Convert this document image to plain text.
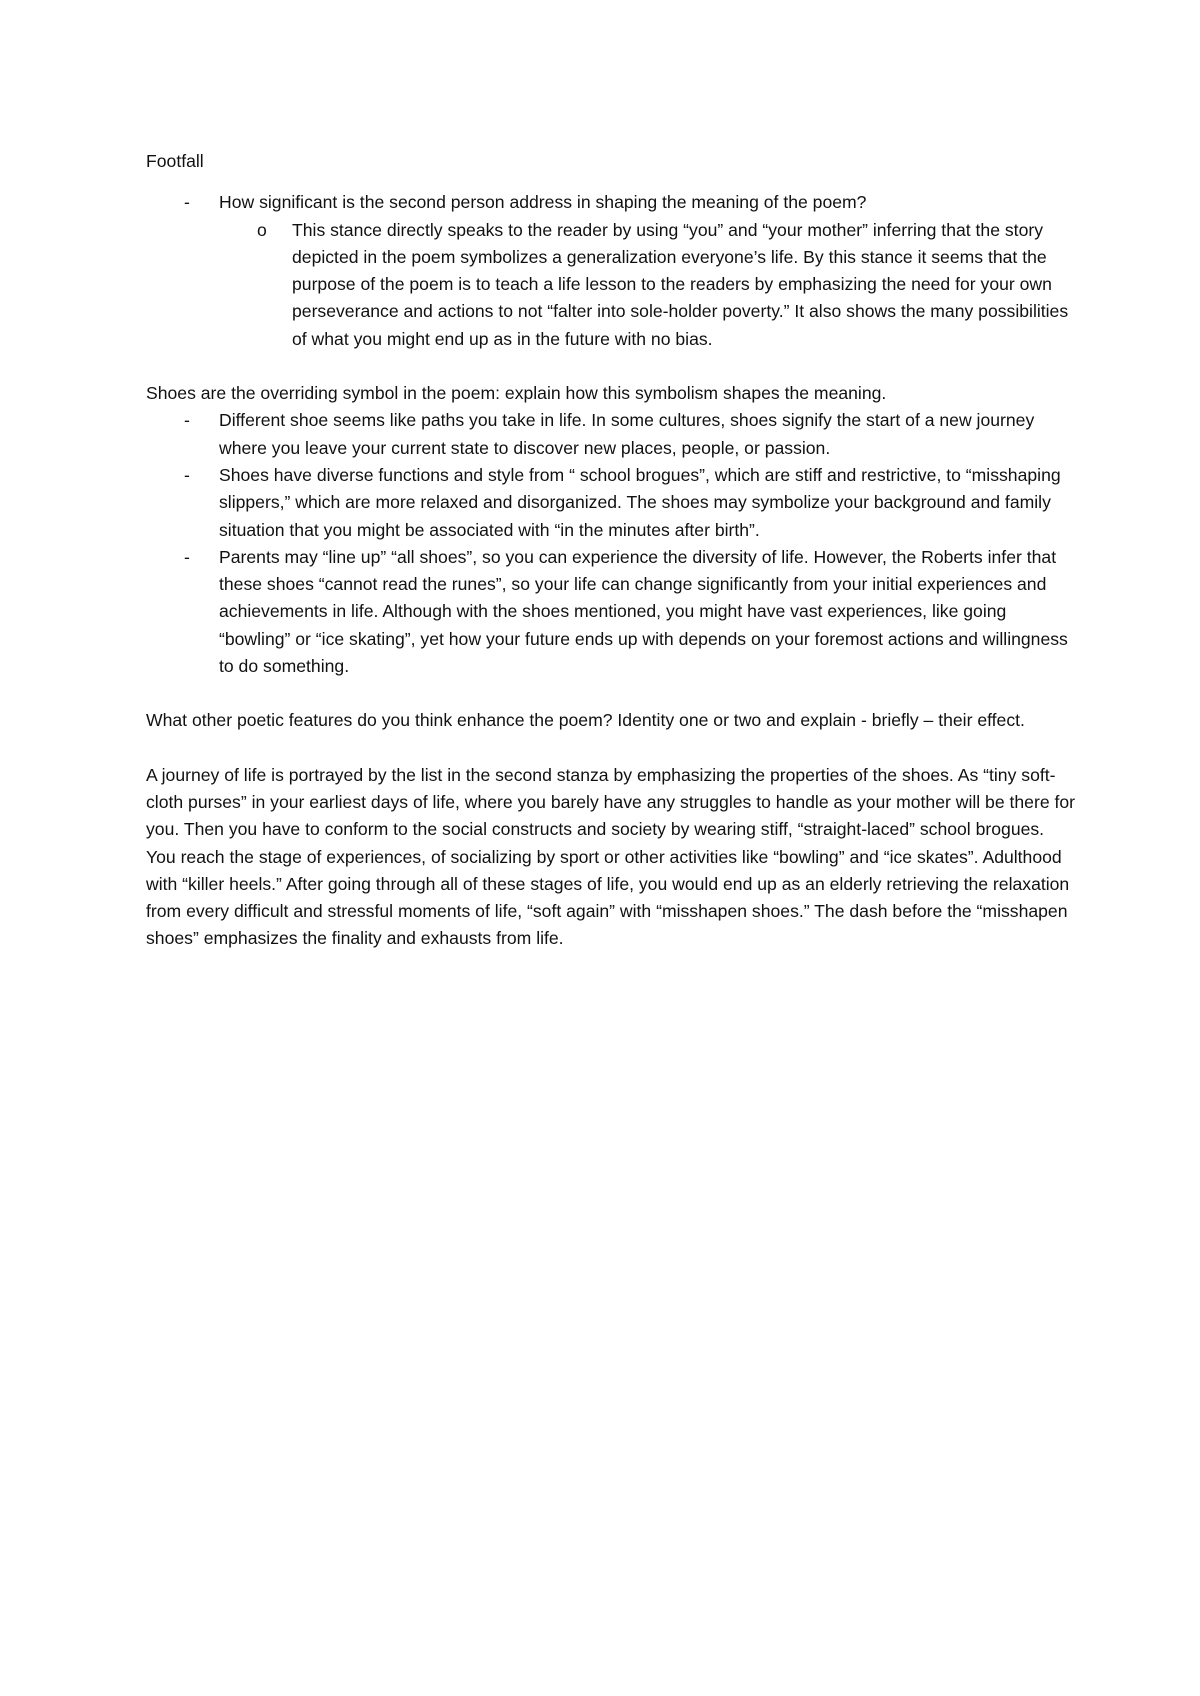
Footfall

- How significant is the second person address in shaping the meaning of the poem?
o This stance directly speaks to the reader by using “you” and “your mother” inferring that the story depicted in the poem symbolizes a generalization everyone’s life. By this stance it seems that the purpose of the poem is to teach a life lesson to the readers by emphasizing the need for your own perseverance and actions to not “falter into sole-holder poverty.” It also shows the many possibilities of what you might end up as in the future with no bias.

Shoes are the overriding symbol in the poem: explain how this symbolism shapes the meaning.

- Different shoe seems like paths you take in life. In some cultures, shoes signify the start of a new journey where you leave your current state to discover new places, people, or passion.
- Shoes have diverse functions and style from “ school brogues”, which are stiff and restrictive, to “misshaping slippers,” which are more relaxed and disorganized. The shoes may symbolize your background and family situation that you might be associated with “in the minutes after birth”.
- Parents may “line up” “all shoes”, so you can experience the diversity of life. However, the Roberts infer that these shoes “cannot read the runes”, so your life can change significantly from your initial experiences and achievements in life. Although with the shoes mentioned, you might have vast experiences, like going “bowling” or “ice skating”, yet how your future ends up with depends on your foremost actions and willingness to do something.

What other poetic features do you think enhance the poem? Identity one or two and explain - briefly – their effect.

A journey of life is portrayed by the list in the second stanza by emphasizing the properties of the shoes. As “tiny soft-cloth purses” in your earliest days of life, where you barely have any struggles to handle as your mother will be there for you. Then you have to conform to the social constructs and society by wearing stiff, “straight-laced” school brogues. You reach the stage of experiences, of socializing by sport or other activities like “bowling” and “ice skates”. Adulthood with “killer heels.” After going through all of these stages of life, you would end up as an elderly retrieving the relaxation from every difficult and stressful moments of life, “soft again” with “misshapen shoes.” The dash before the “misshapen shoes” emphasizes the finality and exhausts from life.
